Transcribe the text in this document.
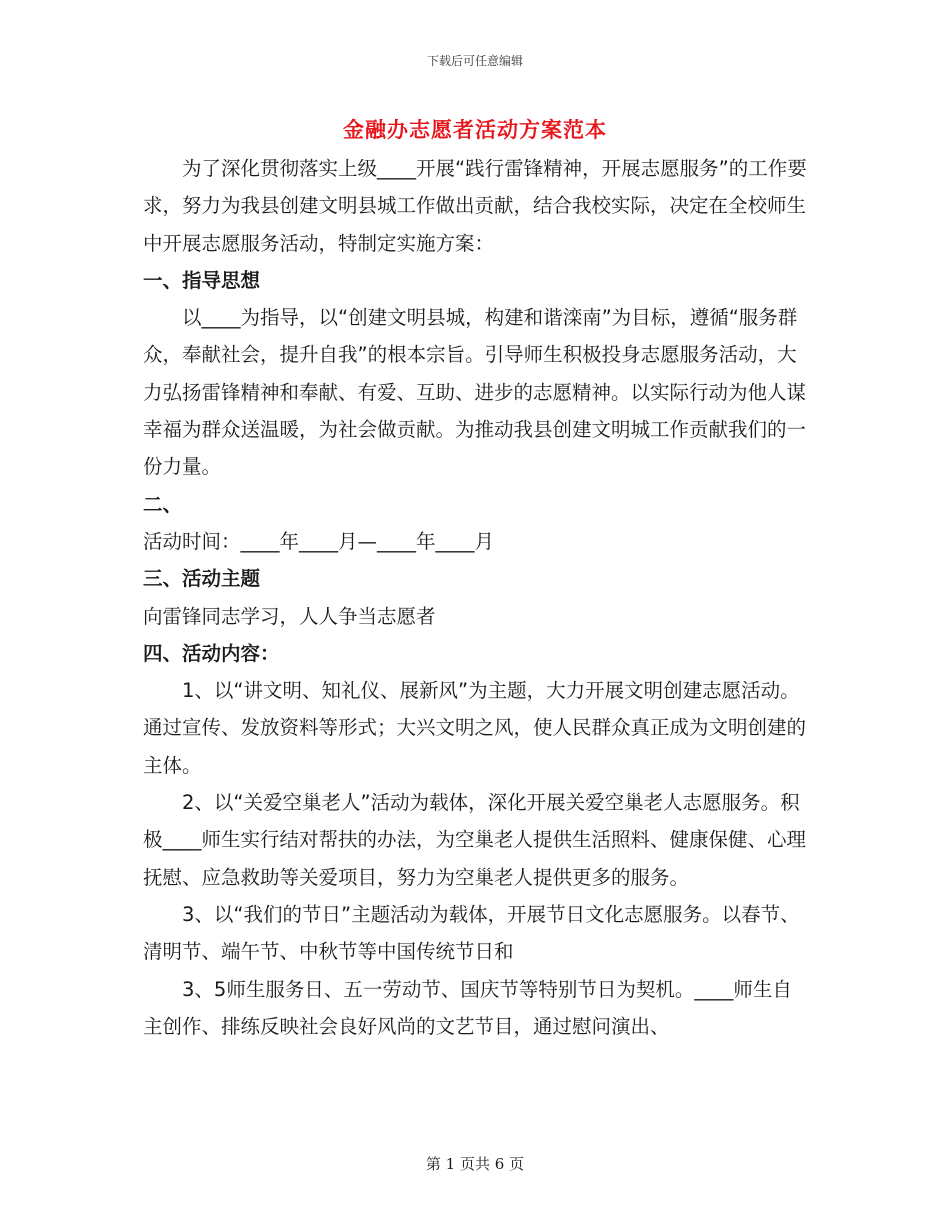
下载后可任意编辑
金融办志愿者活动方案范本

为了深化贯彻落实上级____开展“践行雷锋精神，开展志愿服务”的工作要求，努力为我县创建文明县城工作做出贡献，结合我校实际，决定在全校师生中开展志愿服务活动，特制定实施方案：

一、指导思想

以____为指导，以“创建文明县城，构建和谐滦南”为目标，遵循“服务群众，奉献社会，提升自我”的根本宗旨。引导师生积极投身志愿服务活动，大力弘扬雷锋精神和奉献、有爱、互助、进步的志愿精神。以实际行动为他人谋幸福为群众送温暖，为社会做贡献。为推动我县创建文明城工作贡献我们的一份力量。

二、

活动时间：____年____月—____年____月

三、活动主题

向雷锋同志学习，人人争当志愿者

四、活动内容：

1、以“讲文明、知礼仪、展新风”为主题，大力开展文明创建志愿活动。通过宣传、发放资料等形式；大兴文明之风，使人民群众真正成为文明创建的主体。

2、以“关爱空巢老人”活动为载体，深化开展关爱空巢老人志愿服务。积极____师生实行结对帮扶的办法，为空巢老人提供生活照料、健康保健、心理抚慰、应急救助等关爱项目，努力为空巢老人提供更多的服务。

3、以“我们的节日”主题活动为载体，开展节日文化志愿服务。以春节、清明节、端午节、中秋节等中国传统节日和

3、5师生服务日、五一劳动节、国庆节等特别节日为契机。____师生自主创作、排练反映社会良好风尚的文艺节目，通过慰问演出、

第 1 页共 6 页
